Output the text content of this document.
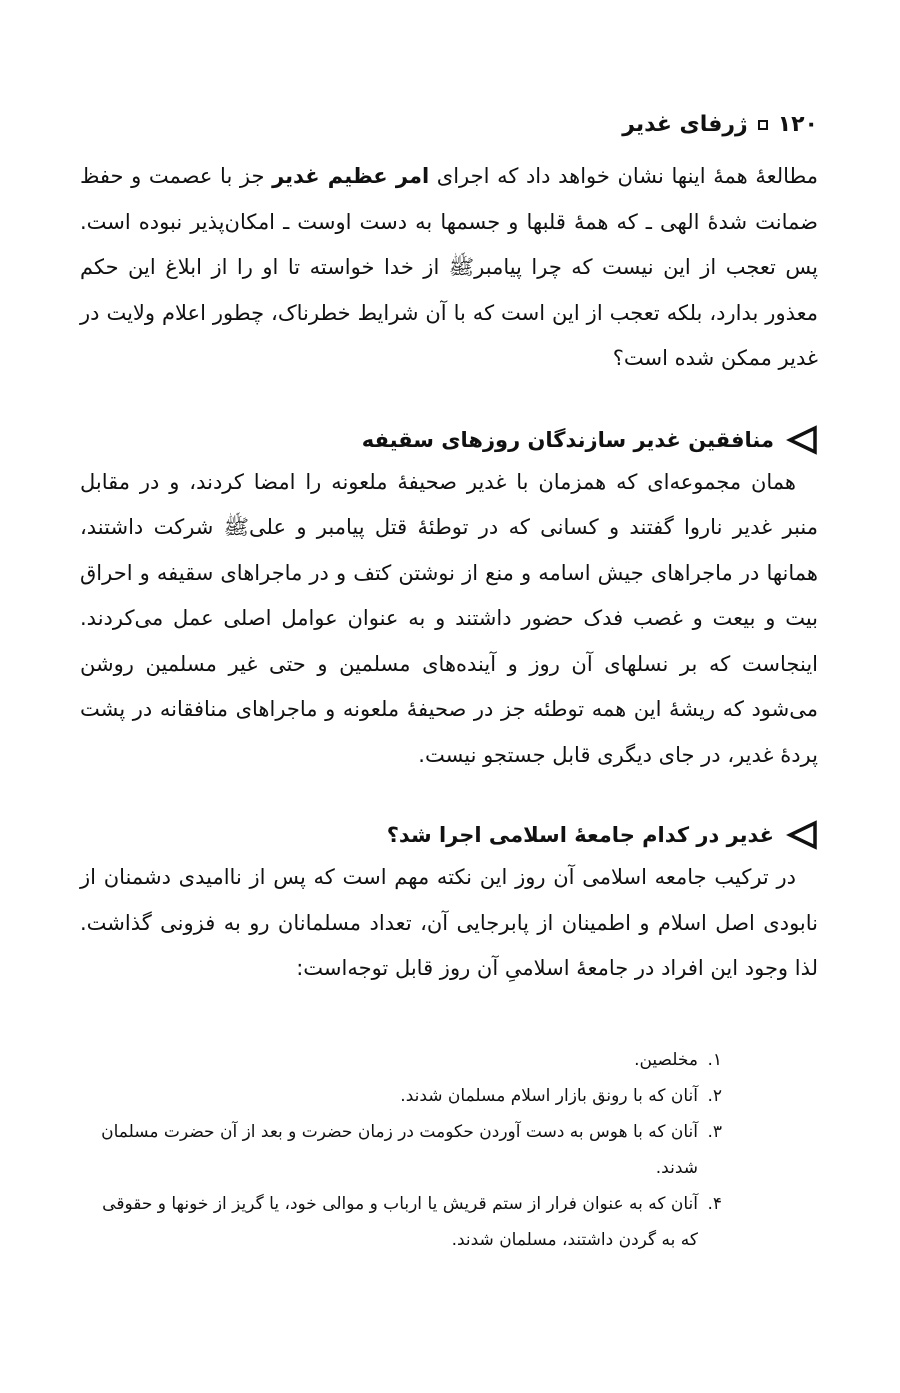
۱۲۰
ژرفای غدیر

مطالعهٔ همهٔ اینها نشان خواهد داد که اجرای امر عظیم غدیر جز با عصمت و حفظ ضمانت شدهٔ الهی ـ که همهٔ قلبها و جسمها به دست اوست ـ امکان‌پذیر نبوده است. پس تعجب از این نیست که چرا پیامبرﷺ از خدا خواسته تا او را از ابلاغ این حکم معذور بدارد، بلکه تعجب از این است که با آن شرایط خطرناک، چطور اعلام ولایت در غدیر ممکن شده است؟

منافقین غدیر سازندگان روزهای سقیفه

همان مجموعه‌ای که همزمان با غدیر صحیفهٔ ملعونه را امضا کردند، و در مقابل منبر غدیر ناروا گفتند و کسانی که در توطئهٔ قتل پیامبر و علیﷺ شرکت داشتند، همانها در ماجراهای جیش اسامه و منع از نوشتن کتف و در ماجراهای سقیفه و احراق بیت و بیعت و غصب فدک حضور داشتند و به عنوان عوامل اصلی عمل می‌کردند. اینجاست که بر نسلهای آن روز و آینده‌های مسلمین و حتی غیر مسلمین روشن می‌شود که ریشهٔ این همه توطئه جز در صحیفهٔ ملعونه و ماجراهای منافقانه در پشت پردهٔ غدیر، در جای دیگری قابل جستجو نیست.

غدیر در کدام جامعهٔ اسلامی اجرا شد؟

در ترکیب جامعه اسلامی آن روز این نکته مهم است که پس از ناامیدی دشمنان از نابودی اصل اسلام و اطمینان از پابرجایی آن، تعداد مسلمانان رو به فزونی گذاشت. لذا وجود این افراد در جامعهٔ اسلامیِ آن روز قابل توجه‌است:

۱.
مخلصین.
۲.
آنان که با رونق بازار اسلام مسلمان شدند.
۳.
آنان که با هوس به دست آوردن حکومت در زمان حضرت و بعد از آن حضرت مسلمان شدند.
۴.
آنان که به عنوان فرار از ستم قریش یا ارباب و موالی خود، یا گریز از خونها و حقوقی که به گردن داشتند، مسلمان شدند.
